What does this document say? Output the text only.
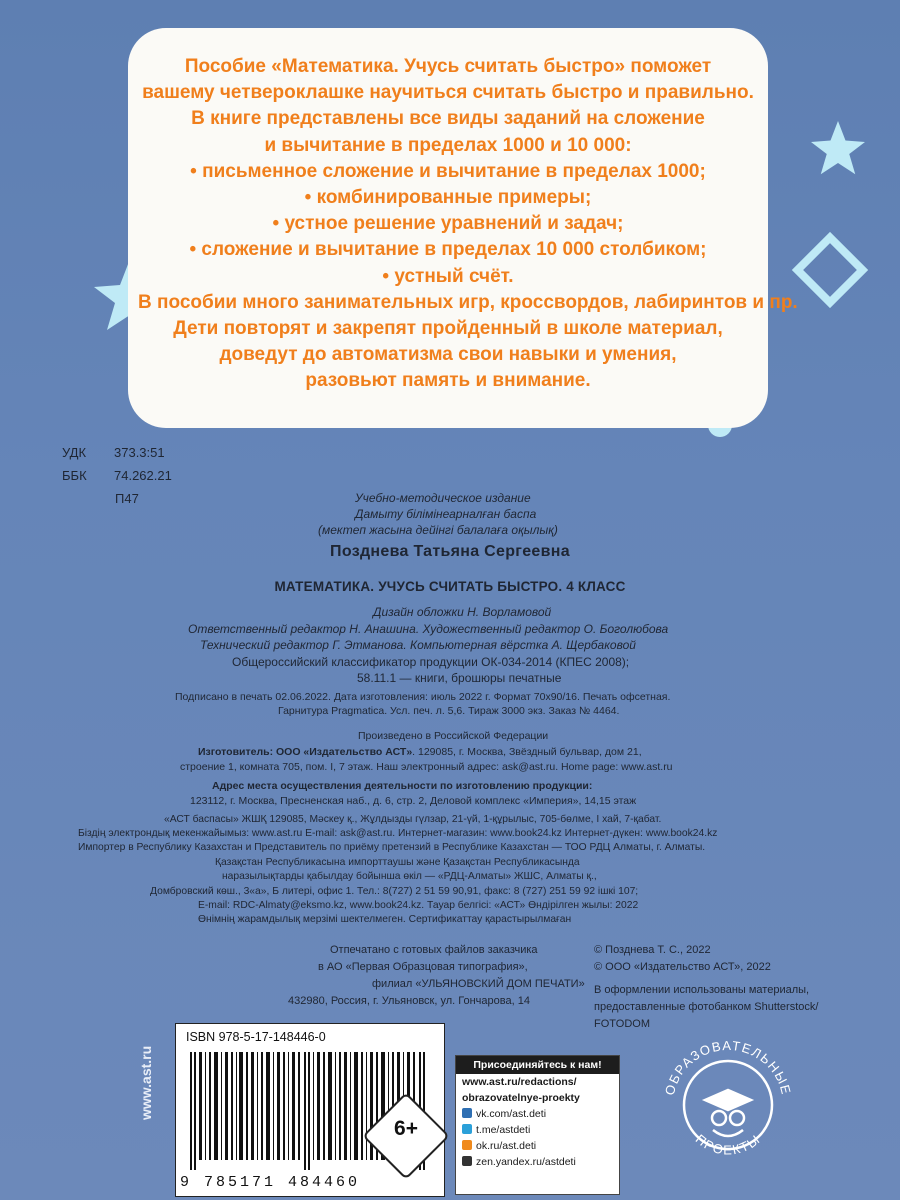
Пособие «Математика. Учусь считать быстро» поможет
вашему четвероклашке научиться считать быстро и правильно.
В книге представлены все виды заданий на сложение
и вычитание в пределах 1000 и 10 000:
• письменное сложение и вычитание в пределах 1000;
• комбинированные примеры;
• устное решение уравнений и задач;
• сложение и вычитание в пределах 10 000 столбиком;
• устный счёт.
В пособии много занимательных игр, кроссвордов, лабиринтов и пр.
Дети повторят и закрепят пройденный в школе материал,
доведут до автоматизма свои навыки и умения,
разовьют память и внимание.
УДК 373.3:51
ББК 74.262.21
П47	Учебно-методическое издание
Дамыту білімінеарналған баспа
(мектеп жасына дейінгі балалаға оқылық)
Позднева Татьяна Сергеевна
МАТЕМАТИКА. УЧУСЬ СЧИТАТЬ БЫСТРО. 4 КЛАСС
Дизайн обложки Н. Ворламовой
Ответственный редактор Н. Анашина. Художественный редактор О. Боголюбова
Технический редактор Г. Этманова. Компьютерная вёрстка А. Щербаковой
Общероссийский классификатор продукции ОК-034-2014 (КПЕС 2008);
58.11.1 — книги, брошюры печатные
Подписано в печать 02.06.2022. Дата изготовления: июль 2022 г. Формат 70х90/16. Печать офсетная.
Гарнитура Pragmatica. Усл. печ. л. 5,6. Тираж 3000 экз. Заказ № 4464.
Произведено в Российской Федерации
Изготовитель: ООО «Издательство АСТ». 129085, г. Москва, Звёздный бульвар, дом 21,
строение 1, комната 705, пом. I, 7 этаж. Наш электронный адрес: ask@ast.ru. Home page: www.ast.ru
Адрес места осуществления деятельности по изготовлению продукции:
123112, г. Москва, Пресненская наб., д. 6, стр. 2, Деловой комплекс «Империя», 14,15 этаж
«АСТ баспасы» ЖШҚ 129085, Мәскеу қ., Жұлдызды гүлзар, 21-үй, 1-құрылыс, 705-бөлме, I хай, 7-қабат.
Біздің электрондық мекенжайымыз: www.ast.ru E-mail: ask@ast.ru. Интернет-магазин: www.book24.kz Интернет-дүкен: www.book24.kz
Импортер в Республику Казахстан и Представитель по приёму претензий в Республике Казахстан — ТОО РДЦ Алматы, г. Алматы.
Қазақстан Республикасына импорттаушы және Қазақстан Республикасында
наразылықтарды қабылдау бойынша өкіл — «РДЦ-Алматы» ЖШС, Алматы қ.,
Домбровский көш., 3«а», Б литері, офис 1. Тел.: 8(727) 2 51 59 90,91, факс: 8 (727) 251 59 92 ішкі 107;
E-mail: RDC-Almaty@eksmo.kz, www.book24.kz. Тауар белгісі: «АСТ» Өндірілген жылы: 2022
Өнімнің жарамдылық мерзімі шектелмеген. Сертификаттау қарастырылмаған
Отпечатано с готовых файлов заказчика
в АО «Первая Образцовая типография»,
филиал «УЛЬЯНОВСКИЙ ДОМ ПЕЧАТИ»
432980, Россия, г. Ульяновск, ул. Гончарова, 14
© Позднева Т. С., 2022
© ООО «Издательство АСТ», 2022
В оформлении использованы материалы,
предоставленные фотобанком Shutterstock/
FOTODOM
www.ast.ru
ISBN 978-5-17-148446-0
9 785171 484460
6+
Присоединяйтесь к нам!
www.ast.ru/redactions/
obrazovatelnye-proekty
vk.com/ast.deti
t.me/astdeti
ok.ru/ast.deti
zen.yandex.ru/astdeti
ОБРАЗОВАТЕЛЬНЫЕ
ПРОЕКТЫ
